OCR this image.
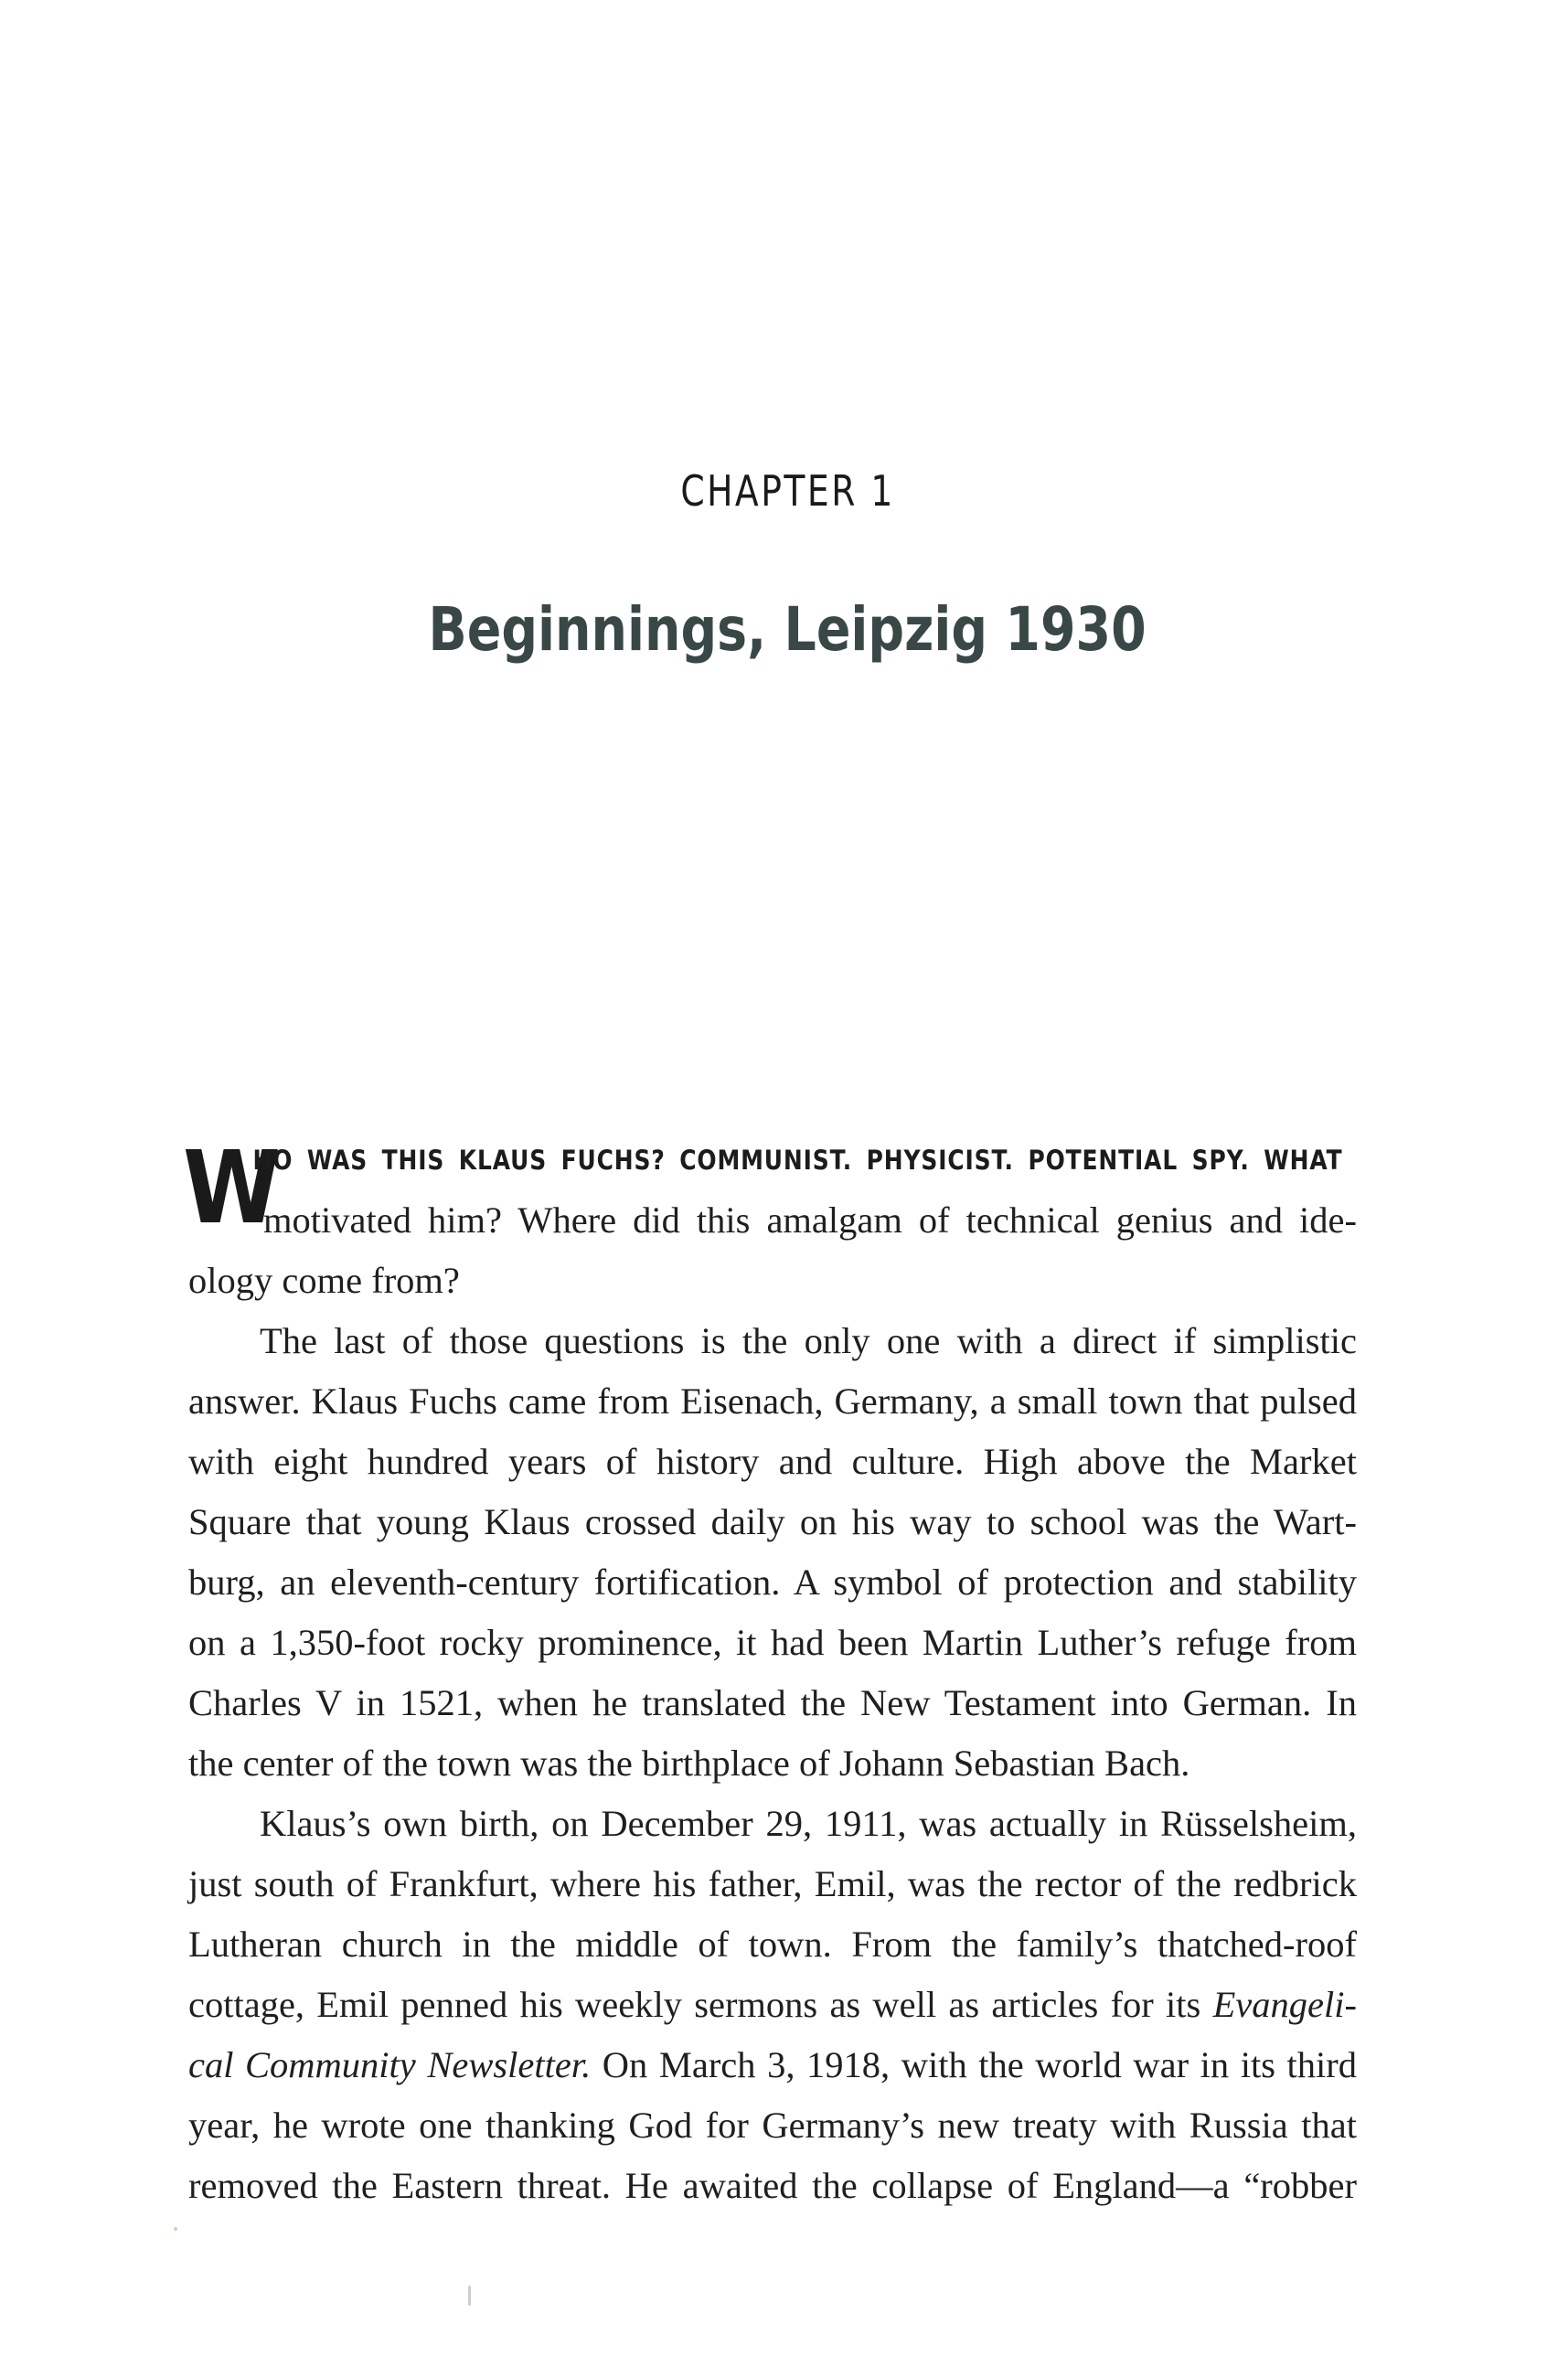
CHAPTER 1
Beginnings, Leipzig 1930
W
HO WAS THIS KLAUS FUCHS? COMMUNIST. PHYSICIST. POTENTIAL SPY. WHAT
motivated him? Where did this amalgam of technical genius and ide-
ology come from?
The last of those questions is the only one with a direct if simplistic
answer. Klaus Fuchs came from Eisenach, Germany, a small town that pulsed
with eight hundred years of history and culture. High above the Market
Square that young Klaus crossed daily on his way to school was the Wart-
burg, an eleventh-century fortification. A symbol of protection and stability
on a 1,350-foot rocky prominence, it had been Martin Luther’s refuge from
Charles V in 1521, when he translated the New Testament into German. In
the center of the town was the birthplace of Johann Sebastian Bach.
Klaus’s own birth, on December 29, 1911, was actually in Rüsselsheim,
just south of Frankfurt, where his father, Emil, was the rector of the redbrick
Lutheran church in the middle of town. From the family’s thatched-roof
cottage, Emil penned his weekly sermons as well as articles for its Evangeli-
cal Community Newsletter. On March 3, 1918, with the world war in its third
year, he wrote one thanking God for Germany’s new treaty with Russia that
removed the Eastern threat. He awaited the collapse of England—a “robber
